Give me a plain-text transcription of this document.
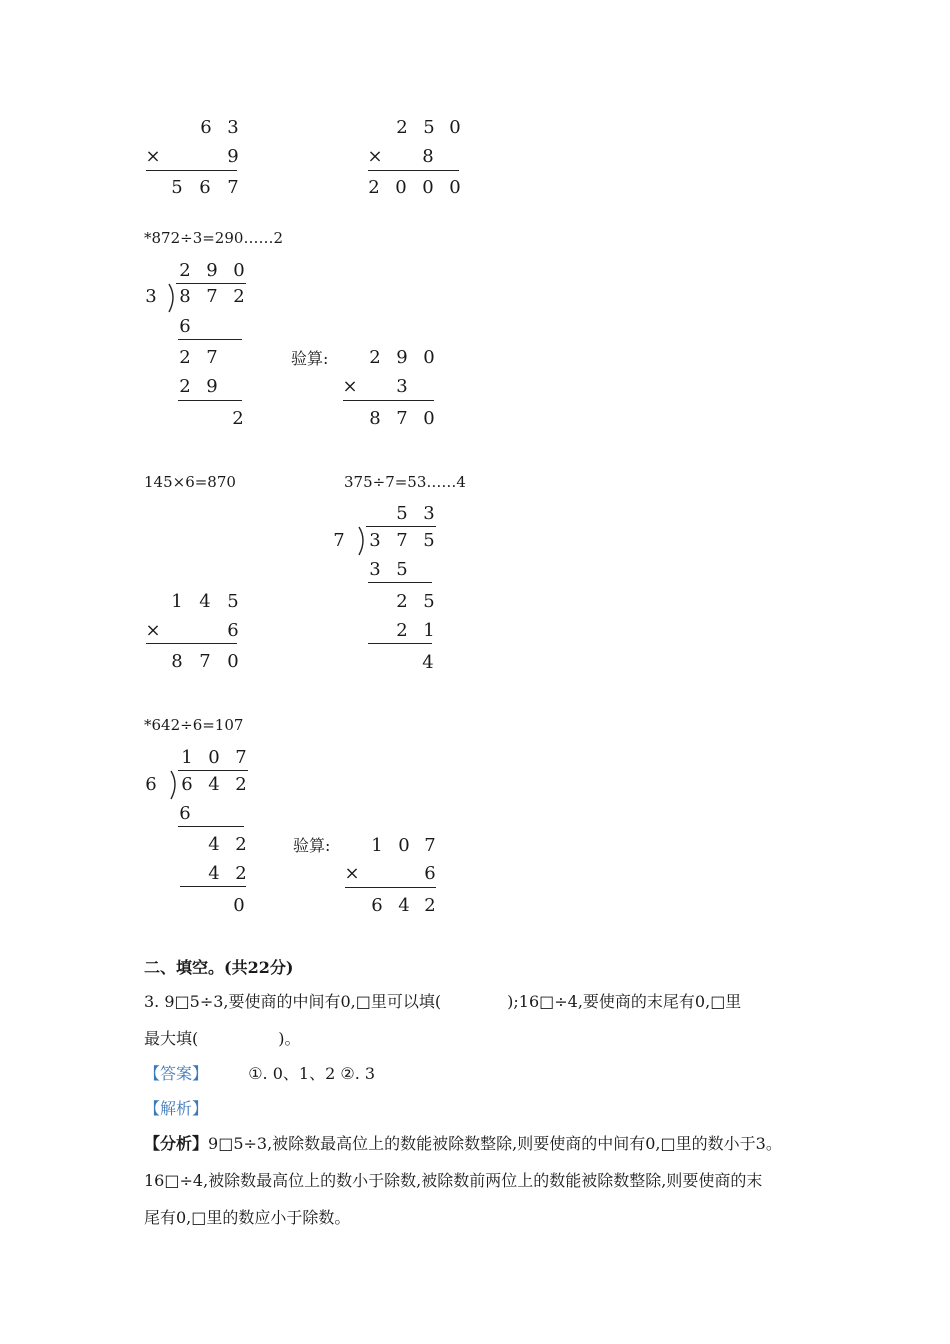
6 3
×	9
5 6 7
2 5 0
× 8
2 0 0 0
*872÷3=290……2
2 9 0
3 8 7 2
6
2 7
2 9
2
验算: 2 9 0
× 3
8 7 0
145×6=870	375÷7=53……4
5 3
7 3 7 5
3 5
2 5
2 1
4
1 4 5
×	6
8 7 0
*642÷6=107
1 0 7
6 6 4 2
6
4 2
4 2
0
验算: 1 0 7
×	6
6 4 2
二、填空。(共22分)
3. 9□5÷3,要使商的中间有0,□里可以填(	);16□÷4,要使商的末尾有0,□里
最大填(	)。
【答案】	①. 0、1、2 ②. 3
【解析】
【分析】9□5÷3,被除数最高位上的数能被除数整除,则要使商的中间有0,□里的数小于3。
16□÷4,被除数最高位上的数小于除数,被除数前两位上的数能被除数整除,则要使商的末
尾有0,□里的数应小于除数。
